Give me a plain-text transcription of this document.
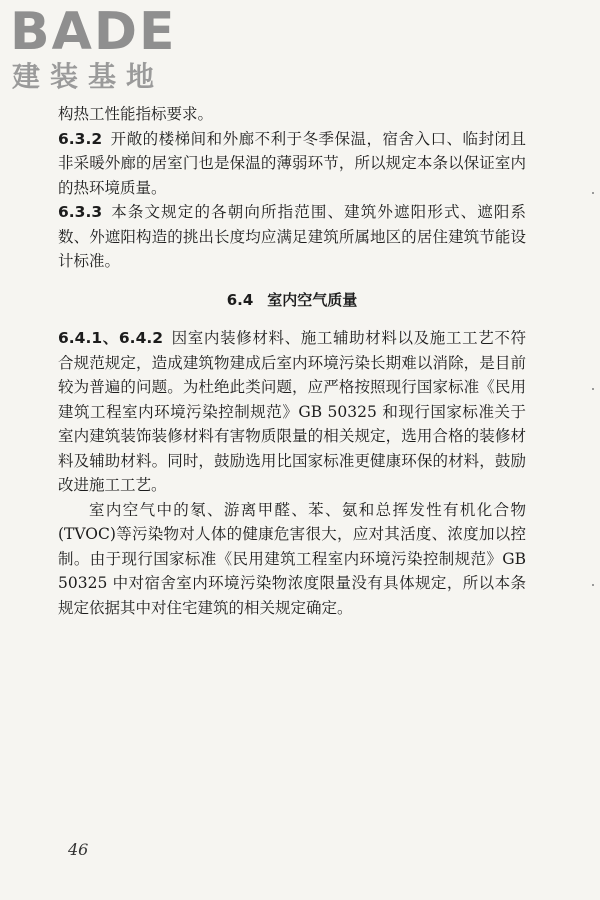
BADE
建装基地

构热工性能指标要求。

6.3.2 开敞的楼梯间和外廊不利于冬季保温，宿舍入口、临封闭且非采暖外廊的居室门也是保温的薄弱环节，所以规定本条以保证室内的热环境质量。

6.3.3 本条文规定的各朝向所指范围、建筑外遮阳形式、遮阳系数、外遮阳构造的挑出长度均应满足建筑所属地区的居住建筑节能设计标准。

6.4 室内空气质量

6.4.1、6.4.2 因室内装修材料、施工辅助材料以及施工工艺不符合规范规定，造成建筑物建成后室内环境污染长期难以消除，是目前较为普遍的问题。为杜绝此类问题，应严格按照现行国家标准《民用建筑工程室内环境污染控制规范》GB 50325 和现行国家标准关于室内建筑装饰装修材料有害物质限量的相关规定，选用合格的装修材料及辅助材料。同时，鼓励选用比国家标准更健康环保的材料，鼓励改进施工工艺。

室内空气中的氡、游离甲醛、苯、氨和总挥发性有机化合物(TVOC)等污染物对人体的健康危害很大，应对其活度、浓度加以控制。由于现行国家标准《民用建筑工程室内环境污染控制规范》GB 50325 中对宿舍室内环境污染物浓度限量没有具体规定，所以本条规定依据其中对住宅建筑的相关规定确定。

46
